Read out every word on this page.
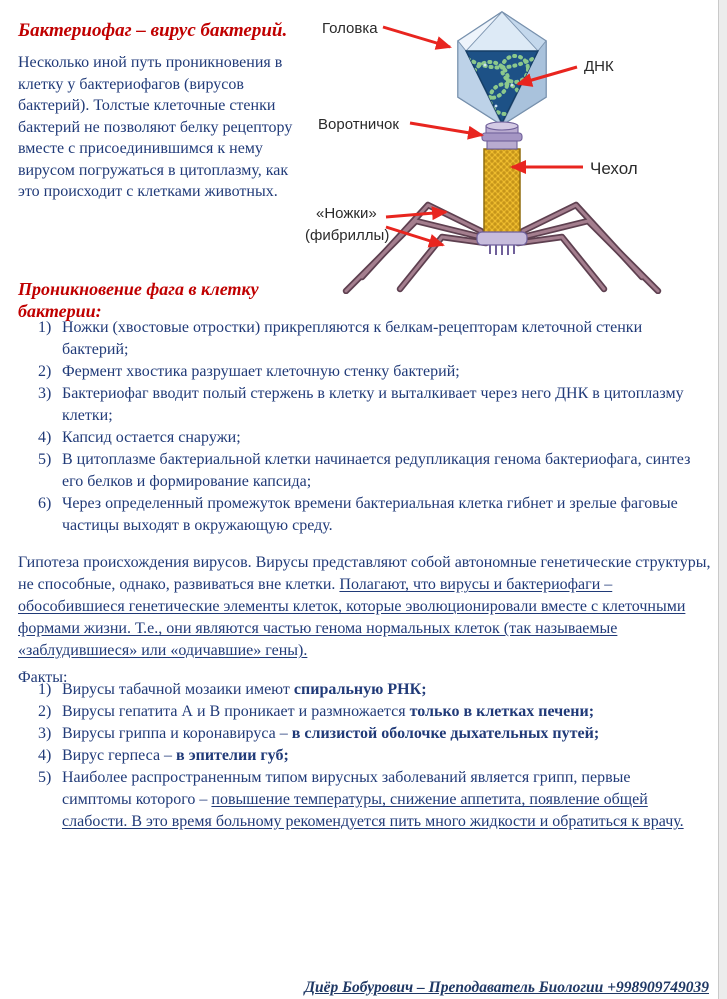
Бактериофаг – вирус бактерий.

Несколько иной путь проникновения в клетку у бактериофагов (вирусов бактерий). Толстые клеточные стенки бактерий не позволяют белку рецептору вместе с присоединившимся к нему вирусом погружаться в цитоплазму, как это происходит с клетками животных.

Головка
ДНК
Воротничок
Чехол
«Ножки»
(фибриллы)
Проникновение фага в клетку бактерии:
1) Ножки (хвостовые отростки) прикрепляются к белкам-рецепторам клеточной стенки бактерий;
2) Фермент хвостика разрушает клеточную стенку бактерий;
3) Бактериофаг вводит полый стержень в клетку и выталкивает через него ДНК в цитоплазму клетки;
4) Капсид остается снаружи;
5) В цитоплазме бактериальной клетки начинается редупликация генома бактериофага, синтез его белков и формирование капсида;
6) Через определенный промежуток времени бактериальная клетка гибнет и зрелые фаговые частицы выходят в окружающую среду.

Гипотеза происхождения вирусов. Вирусы представляют собой автономные генетические структуры, не способные, однако, развиваться вне клетки. Полагают, что вирусы и бактериофаги – обособившиеся генетические элементы клеток, которые эволюционировали вместе с клеточными формами жизни. Т.е., они являются частью генома нормальных клеток (так называемые «заблудившиеся» или «одичавшие» гены).

Факты:

1) Вирусы табачной мозаики имеют спиральную РНК;
2) Вирусы гепатита А и В проникает и размножается только в клетках печени;
3) Вирусы гриппа и коронавируса – в слизистой оболочке дыхательных путей;
4) Вирус герпеса – в эпителии губ;
5) Наиболее распространенным типом вирусных заболеваний является грипп, первые симптомы которого – повышение температуры, снижение аппетита, появление общей слабости. В это время больному рекомендуется пить много жидкости и обратиться к врачу.

Диёр Бобурович – Преподаватель Биологии +998909749039
